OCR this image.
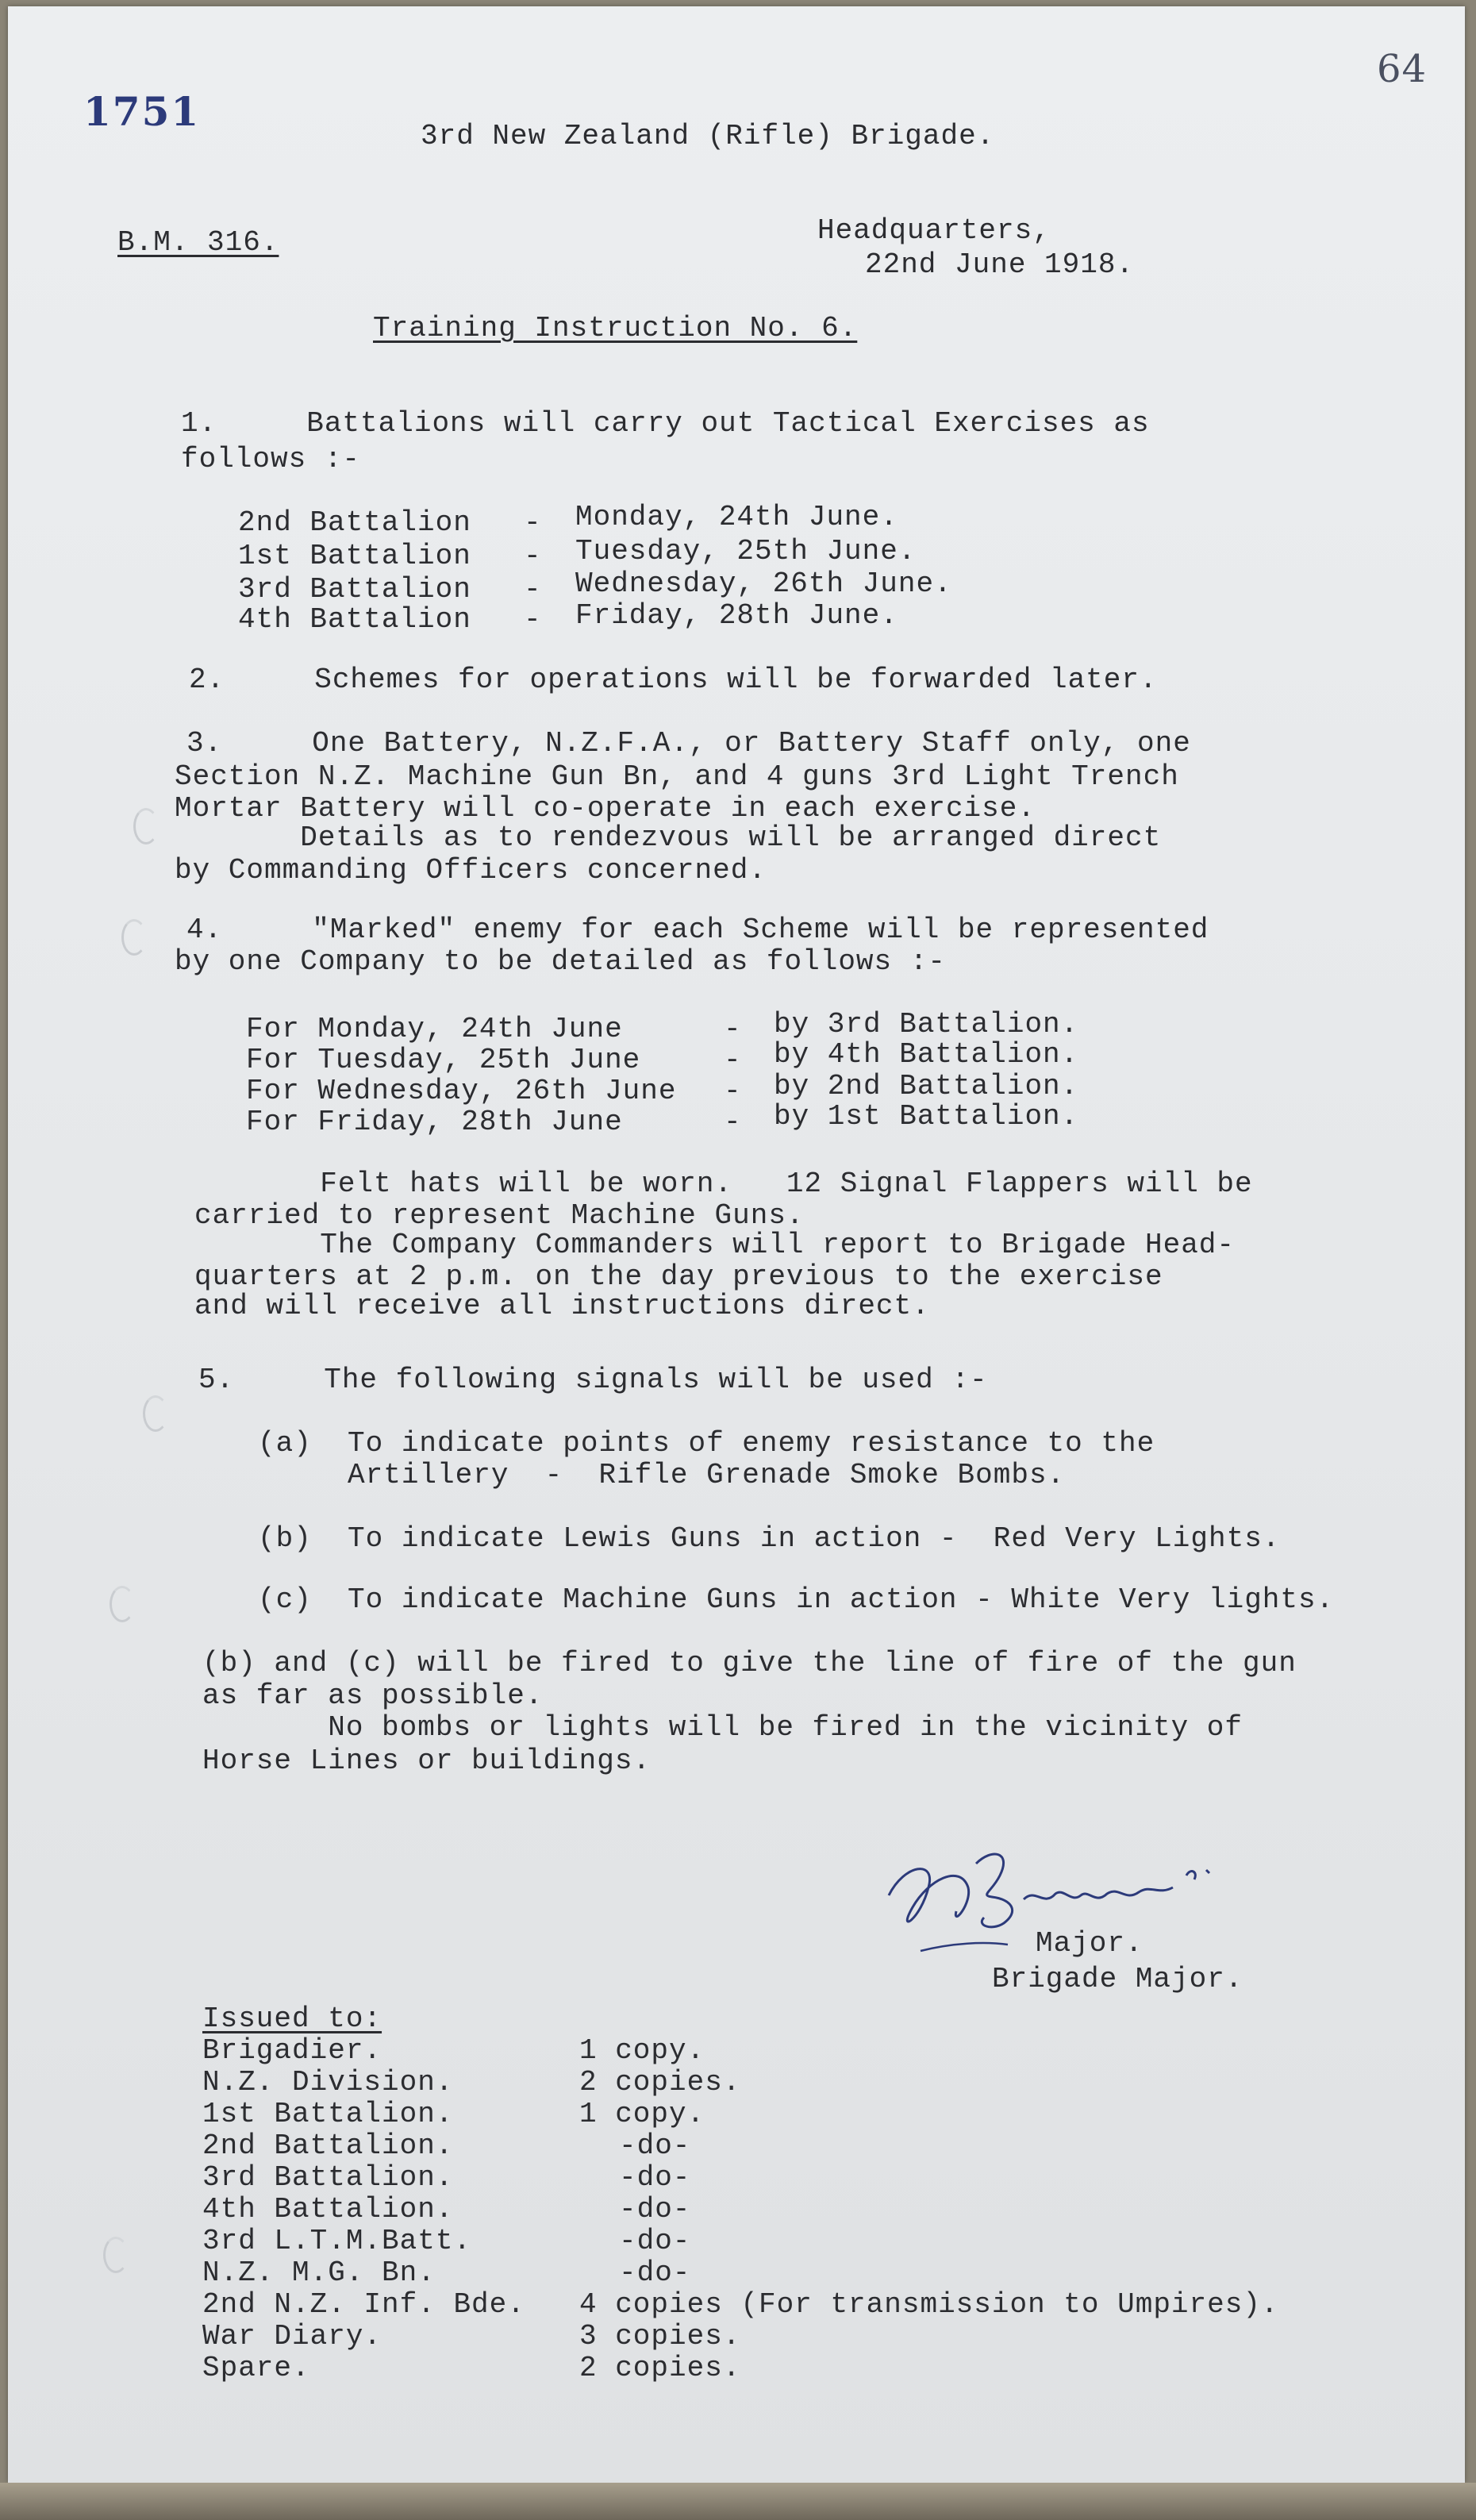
1751
64
3rd New Zealand (Rifle) Brigade.
B.M. 316.	Headquarters,
22nd June 1918.
Training Instruction No. 6.
1.     Battalions will carry out Tactical Exercises as
follows :-
2nd Battalion - Monday, 24th June.
1st Battalion - Tuesday, 25th June.
3rd Battalion - Wednesday, 26th June.
4th Battalion - Friday, 28th June.
2.     Schemes for operations will be forwarded later.
3.     One Battery, N.Z.F.A., or Battery Staff only, one
Section N.Z. Machine Gun Bn, and 4 guns 3rd Light Trench
Mortar Battery will co-operate in each exercise.
Details as to rendezvous will be arranged direct
by Commanding Officers concerned.
4.     "Marked" enemy for each Scheme will be represented
by one Company to be detailed as follows :-
For Monday, 24th June	- by 3rd Battalion.
For Tuesday, 25th June	- by 4th Battalion.
For Wednesday, 26th June - by 2nd Battalion.
For Friday, 28th June	- by 1st Battalion.
Felt hats will be worn.   12 Signal Flappers will be
carried to represent Machine Guns.
The Company Commanders will report to Brigade Head-
quarters at 2 p.m. on the day previous to the exercise
and will receive all instructions direct.
5.     The following signals will be used :-
(a)  To indicate points of enemy resistance to the
Artillery  -  Rifle Grenade Smoke Bombs.
(b)  To indicate Lewis Guns in action -  Red Very Lights.
(c)  To indicate Machine Guns in action - White Very lights.
(b) and (c) will be fired to give the line of fire of the gun
as far as possible.
No bombs or lights will be fired in the vicinity of
Horse Lines or buildings.
Major.
Brigade Major.
Issued to:
Brigadier.	1 copy.
N.Z. Division.	2 copies.
1st Battalion.	1 copy.
2nd Battalion.	-do-
3rd Battalion.	-do-
4th Battalion.	-do-
3rd L.T.M.Batt.	-do-
N.Z. M.G. Bn.	-do-
2nd N.Z. Inf. Bde. 4 copies (For transmission to Umpires).
War Diary.	3 copies.
Spare.	2 copies.
